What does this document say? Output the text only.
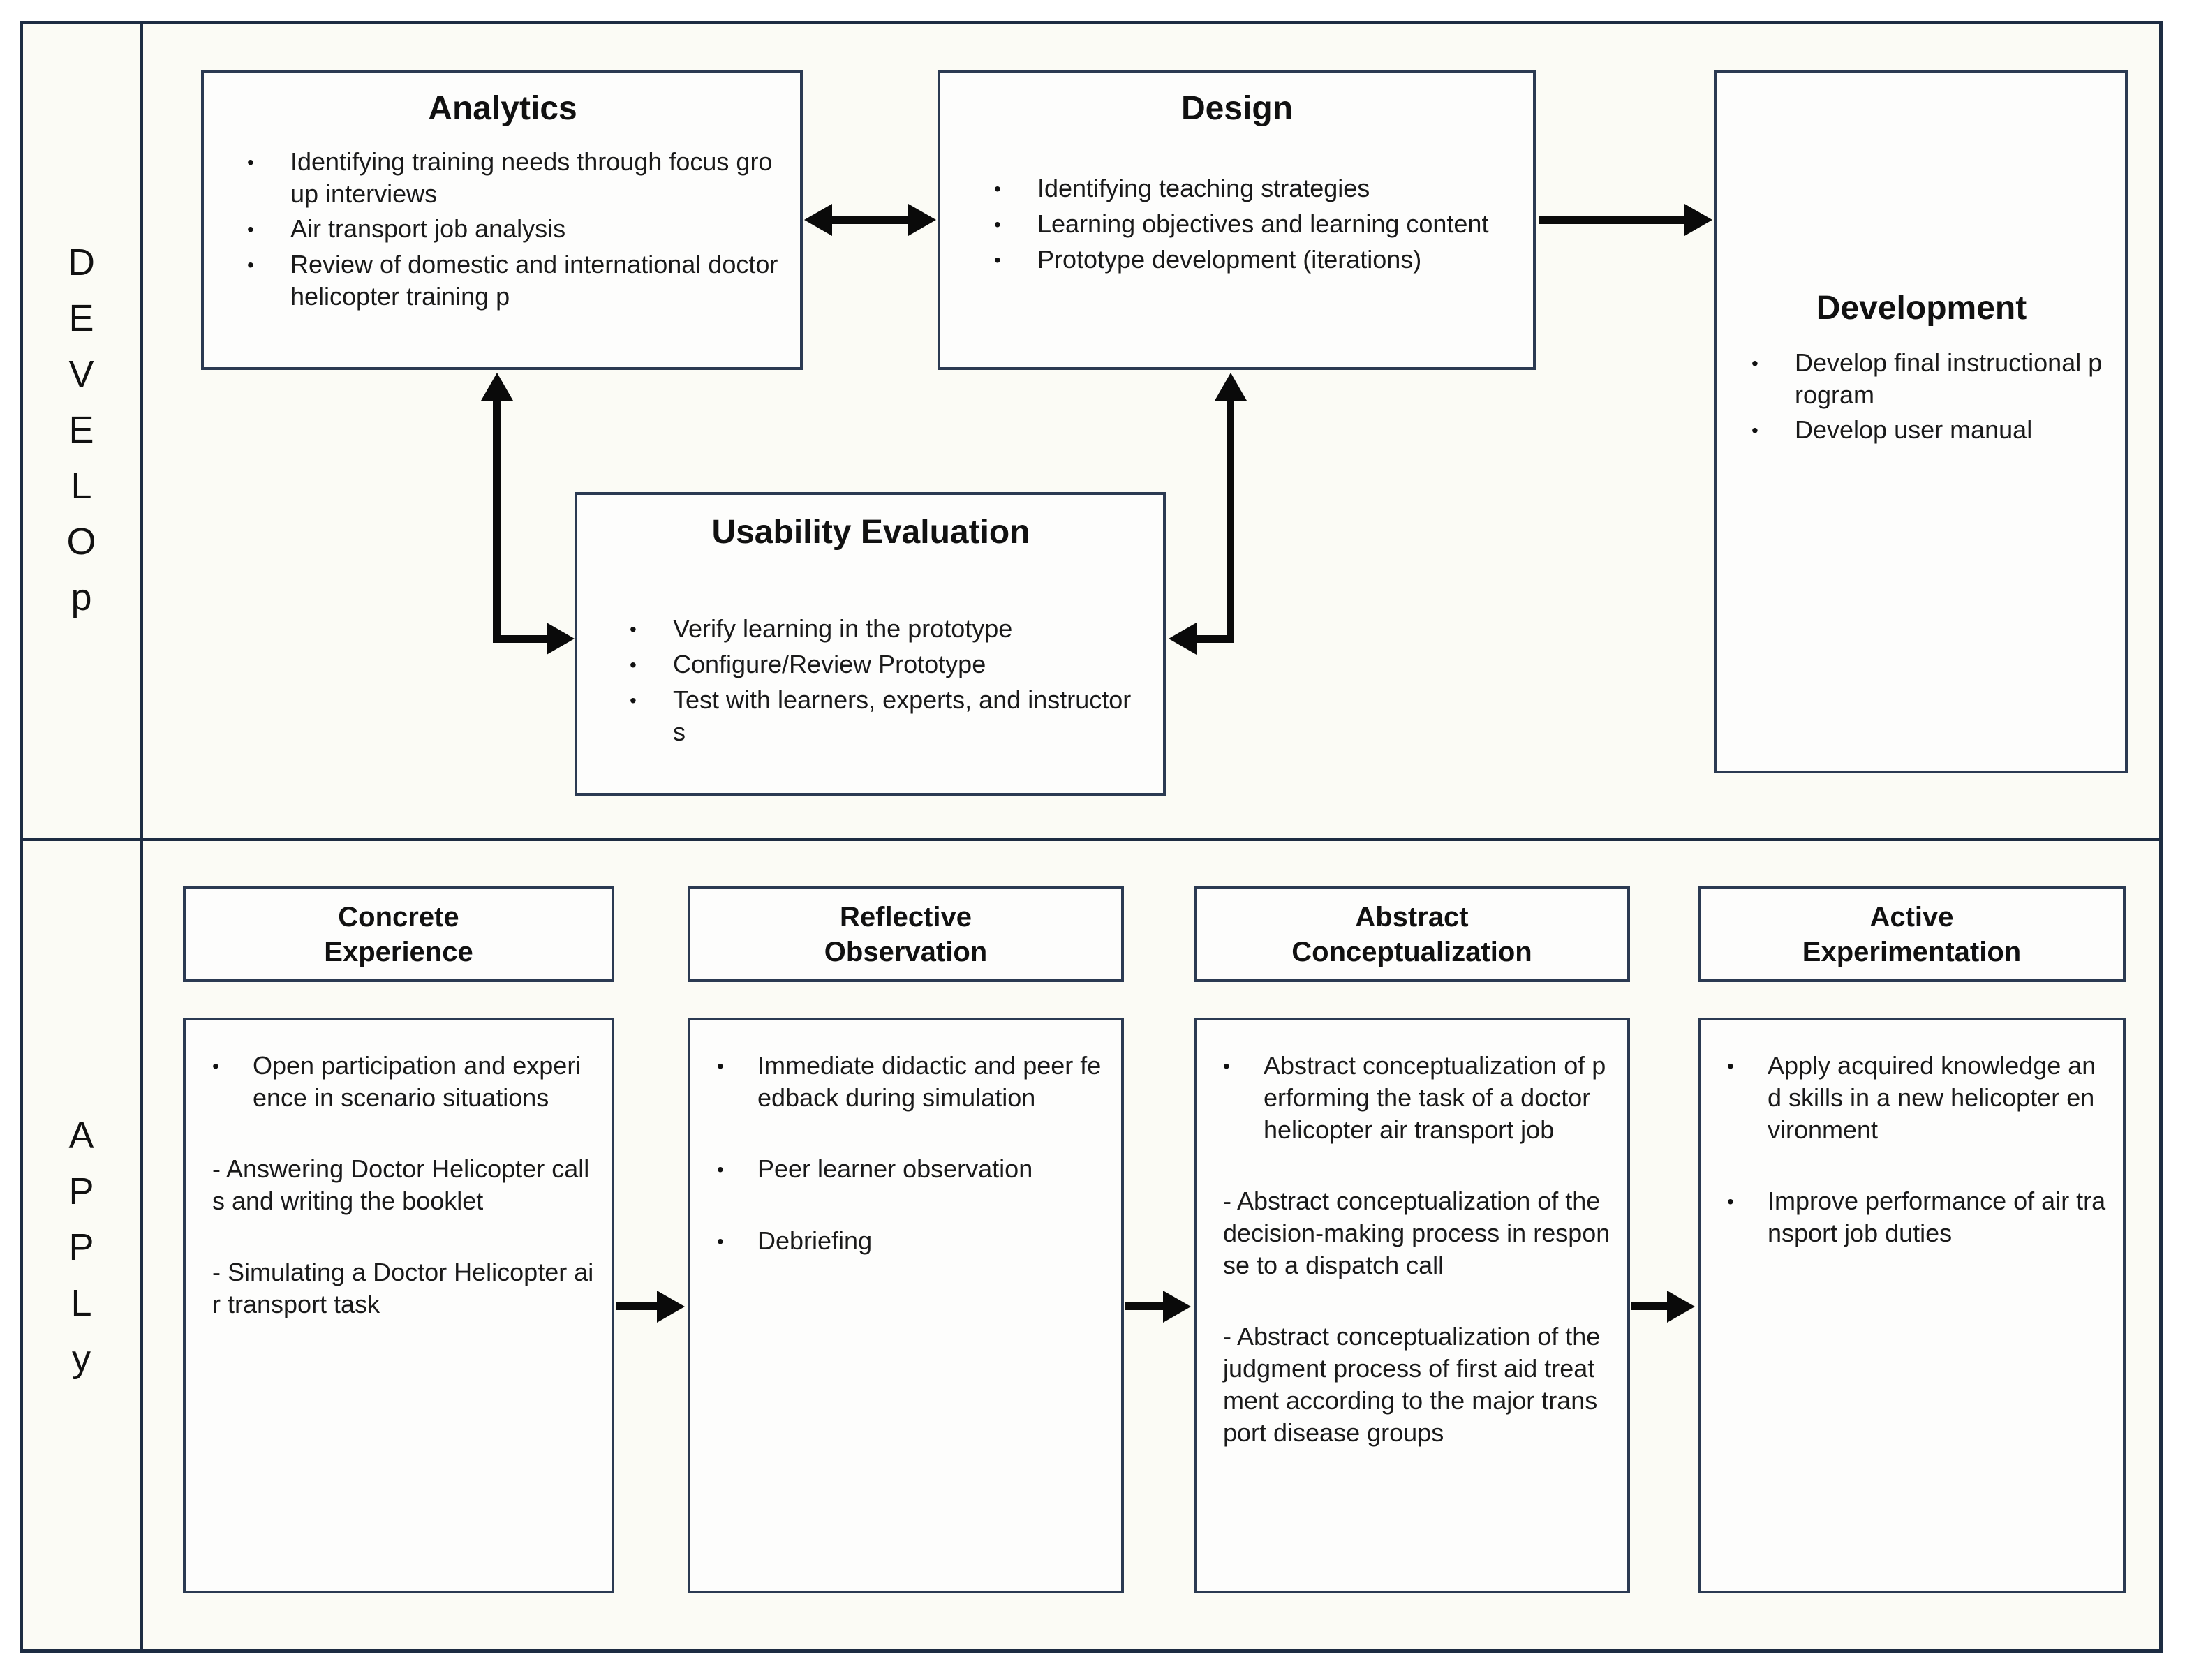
D
E
V
E
L
O
p
A
P
P
L
y
Analytics
•	Identifying training needs through focus group interviews
•	Air transport job analysis
•	Review of domestic and international doctor helicopter training p
Design
•	Identifying teaching strategies
•	Learning objectives and learning content
•	Prototype development (iterations)
Development
•	Develop final instructional program
•	Develop user manual
Usability Evaluation
•	Verify learning in the prototype
•	Configure/Review Prototype
•	Test with learners, experts, and instructors
Concrete
Experience
Reflective
Observation
Abstract
Conceptualization
Active
Experimentation
•	Open participation and experience in scenario situations
- Answering Doctor Helicopter calls and writing the booklet
- Simulating a Doctor Helicopter air transport task
•	Immediate didactic and peer feedback during simulation
•	Peer learner observation
•	Debriefing
•	Abstract conceptualization of performing the task of a doctor helicopter air transport job
- Abstract conceptualization of the decision-making process in response to a dispatch call
- Abstract conceptualization of the judgment process of first aid treatment according to the major transport disease groups
•	Apply acquired knowledge and skills in a new helicopter environment
•	Improve performance of air transport job duties
